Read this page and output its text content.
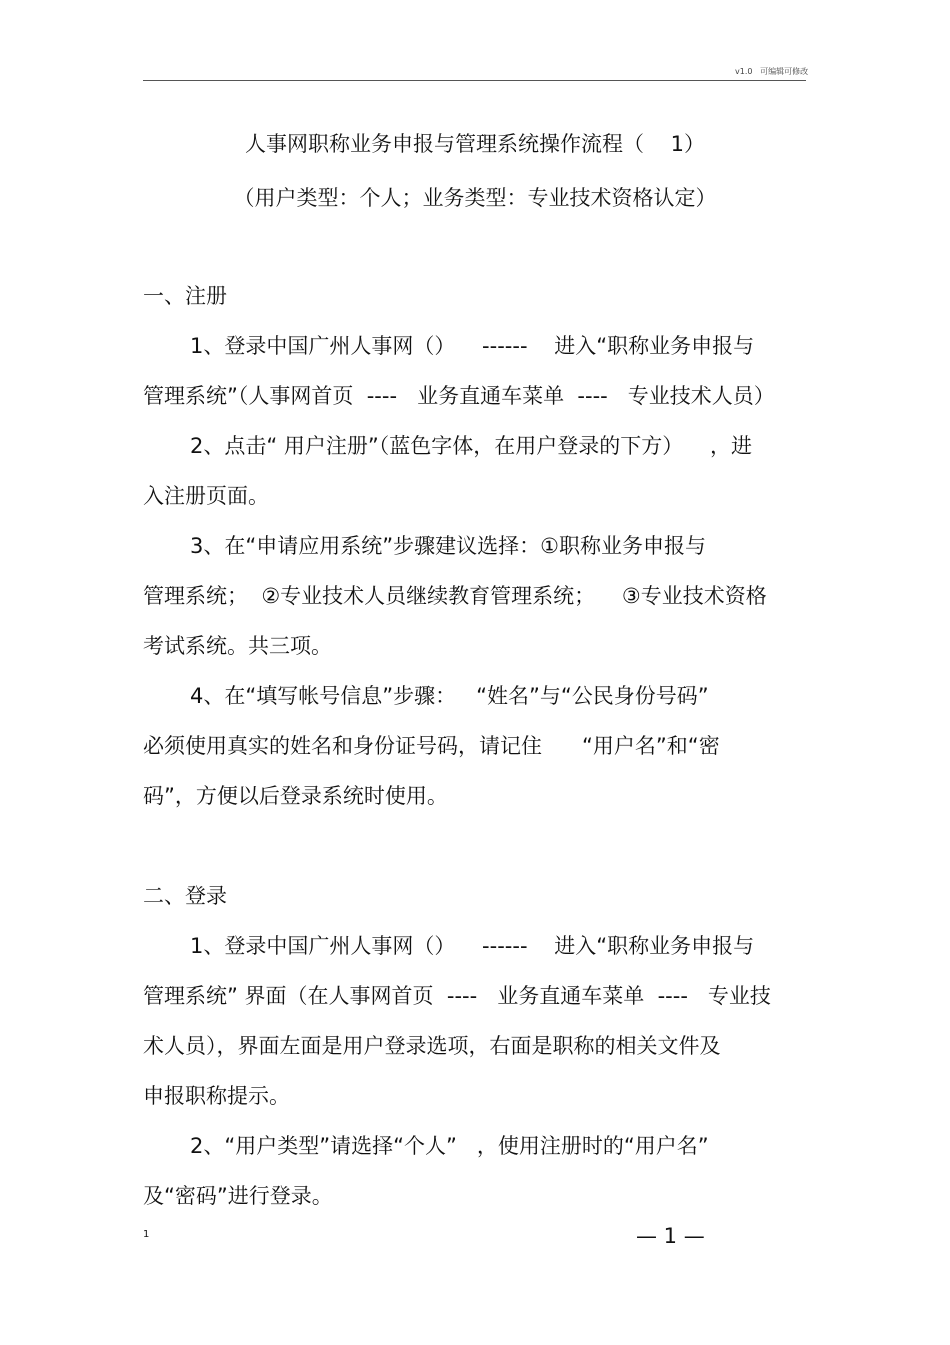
v1.0   可编辑可修改
人事网职称业务申报与管理系统操作流程（    1）
（用户类型：个人；业务类型：专业技术资格认定）
一、注册
1、登录中国广州人事网（）    ------    进入“职称业务申报与
管理系统”（人事网首页  ----   业务直通车菜单  ----   专业技术人员）
2、点击“ 用户注册”（蓝色字体，在用户登录的下方）    ，进
入注册页面。
3、在“申请应用系统”步骤建议选择：①职称业务申报与
管理系统；  ②专业技术人员继续教育管理系统；    ③专业技术资格
考试系统。共三项。
4、在“填写帐号信息”步骤：   “姓名”与“公民身份号码”
必须使用真实的姓名和身份证号码，请记住      “用户名”和“密
码”，方便以后登录系统时使用。
二、登录
1、登录中国广州人事网（）    ------    进入“职称业务申报与
管理系统” 界面（在人事网首页  ----   业务直通车菜单  ----   专业技
术人员），界面左面是用户登录选项，右面是职称的相关文件及
申报职称提示。
2、“用户类型”请选择“个人”   ，使用注册时的“用户名”
及“密码”进行登录。
1	— 1 —
